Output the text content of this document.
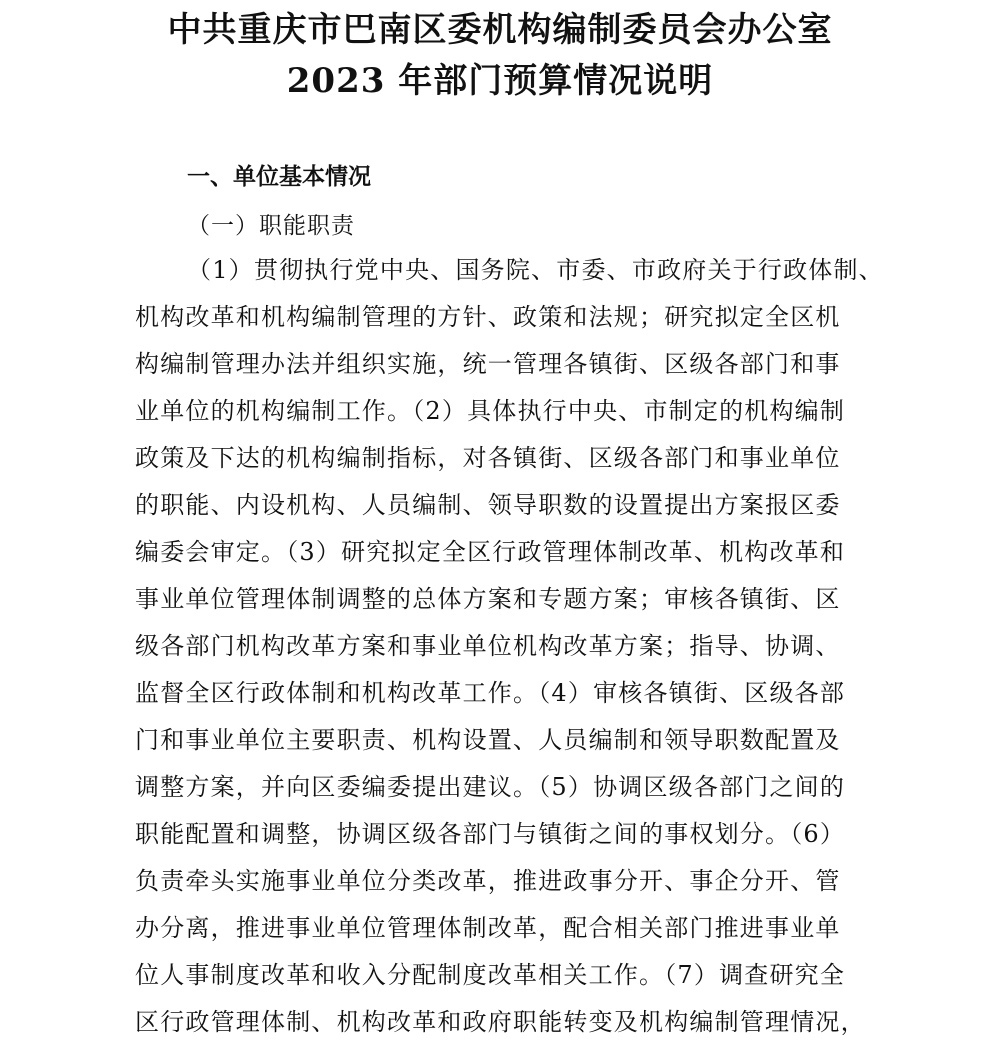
中共重庆市巴南区委机构编制委员会办公室
2023 年部门预算情况说明
一、单位基本情况
（一）职能职责
（1）贯彻执行党中央、国务院、市委、市政府关于行政体制、
机构改革和机构编制管理的方针、政策和法规；研究拟定全区机
构编制管理办法并组织实施，统一管理各镇街、区级各部门和事
业单位的机构编制工作。（2）具体执行中央、市制定的机构编制
政策及下达的机构编制指标，对各镇街、区级各部门和事业单位
的职能、内设机构、人员编制、领导职数的设置提出方案报区委
编委会审定。（3）研究拟定全区行政管理体制改革、机构改革和
事业单位管理体制调整的总体方案和专题方案；审核各镇街、区
级各部门机构改革方案和事业单位机构改革方案；指导、协调、
监督全区行政体制和机构改革工作。（4）审核各镇街、区级各部
门和事业单位主要职责、机构设置、人员编制和领导职数配置及
调整方案，并向区委编委提出建议。（5）协调区级各部门之间的
职能配置和调整，协调区级各部门与镇街之间的事权划分。（6）
负责牵头实施事业单位分类改革，推进政事分开、事企分开、管
办分离，推进事业单位管理体制改革，配合相关部门推进事业单
位人事制度改革和收入分配制度改革相关工作。（7）调查研究全
区行政管理体制、机构改革和政府职能转变及机构编制管理情况，
